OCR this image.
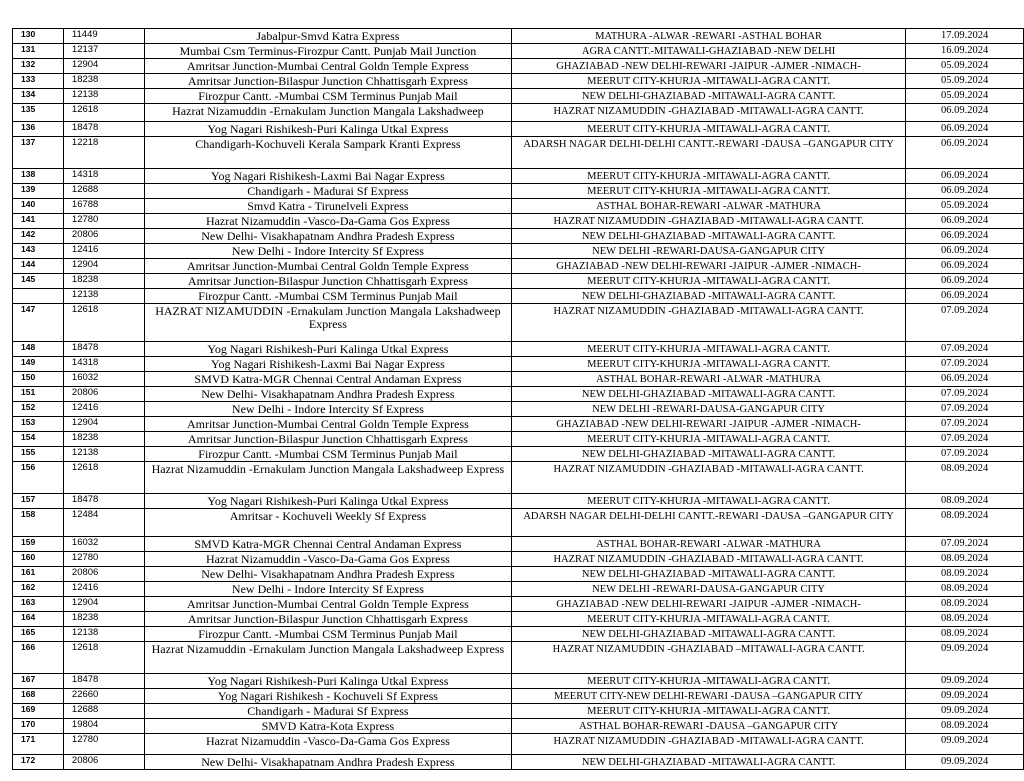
130	11449	Jabalpur-Smvd Katra Express	MATHURA -ALWAR -REWARI -ASTHAL BOHAR	17.09.2024
131	12137	Mumbai Csm Terminus-Firozpur Cantt. Punjab Mail Junction	AGRA CANTT.-MITAWALI-GHAZIABAD -NEW DELHI	16.09.2024
132	12904	Amritsar Junction-Mumbai Central Goldn Temple Express	GHAZIABAD -NEW DELHI-REWARI -JAIPUR -AJMER -NIMACH-	05.09.2024
133	18238	Amritsar Junction-Bilaspur Junction Chhattisgarh Express	MEERUT CITY-KHURJA -MITAWALI-AGRA CANTT.	05.09.2024
134	12138	Firozpur Cantt. -Mumbai CSM Terminus Punjab Mail	NEW DELHI-GHAZIABAD -MITAWALI-AGRA CANTT.	05.09.2024
135	12618	Hazrat Nizamuddin -Ernakulam Junction Mangala Lakshadweep	HAZRAT NIZAMUDDIN -GHAZIABAD -MITAWALI-AGRA CANTT.	06.09.2024
136	18478	Yog Nagari Rishikesh-Puri Kalinga Utkal Express	MEERUT CITY-KHURJA -MITAWALI-AGRA CANTT.	06.09.2024
137	12218	Chandigarh-Kochuveli Kerala Sampark Kranti Express	ADARSH NAGAR DELHI-DELHI CANTT.-REWARI -DAUSA –GANGAPUR CITY	06.09.2024
138	14318	Yog Nagari Rishikesh-Laxmi Bai Nagar Express	MEERUT CITY-KHURJA -MITAWALI-AGRA CANTT.	06.09.2024
139	12688	Chandigarh - Madurai Sf Express	MEERUT CITY-KHURJA -MITAWALI-AGRA CANTT.	06.09.2024
140	16788	Smvd Katra - Tirunelveli Express	ASTHAL BOHAR-REWARI -ALWAR -MATHURA	05.09.2024
141	12780	Hazrat Nizamuddin -Vasco-Da-Gama Gos Express	HAZRAT NIZAMUDDIN -GHAZIABAD -MITAWALI-AGRA CANTT.	06.09.2024
142	20806	New Delhi- Visakhapatnam Andhra Pradesh Express	NEW DELHI-GHAZIABAD -MITAWALI-AGRA CANTT.	06.09.2024
143	12416	New Delhi - Indore Intercity Sf Express	NEW DELHI -REWARI-DAUSA-GANGAPUR CITY	06.09.2024
144	12904	Amritsar Junction-Mumbai Central Goldn Temple Express	GHAZIABAD -NEW DELHI-REWARI -JAIPUR -AJMER -NIMACH-	06.09.2024
145	18238	Amritsar Junction-Bilaspur Junction Chhattisgarh Express	MEERUT CITY-KHURJA -MITAWALI-AGRA CANTT.	06.09.2024
	12138	Firozpur Cantt. -Mumbai CSM Terminus Punjab Mail	NEW DELHI-GHAZIABAD -MITAWALI-AGRA CANTT.	06.09.2024
147	12618	HAZRAT NIZAMUDDIN -Ernakulam Junction Mangala Lakshadweep Express	HAZRAT NIZAMUDDIN -GHAZIABAD -MITAWALI-AGRA CANTT.	07.09.2024
148	18478	Yog Nagari Rishikesh-Puri Kalinga Utkal Express	MEERUT CITY-KHURJA -MITAWALI-AGRA CANTT.	07.09.2024
149	14318	Yog Nagari Rishikesh-Laxmi Bai Nagar Express	MEERUT CITY-KHURJA -MITAWALI-AGRA CANTT.	07.09.2024
150	16032	SMVD Katra-MGR Chennai Central Andaman Express	ASTHAL BOHAR-REWARI -ALWAR -MATHURA	06.09.2024
151	20806	New Delhi- Visakhapatnam Andhra Pradesh Express	NEW DELHI-GHAZIABAD -MITAWALI-AGRA CANTT.	07.09.2024
152	12416	New Delhi - Indore Intercity Sf Express	NEW DELHI -REWARI-DAUSA-GANGAPUR CITY	07.09.2024
153	12904	Amritsar Junction-Mumbai Central Goldn Temple Express	GHAZIABAD -NEW DELHI-REWARI -JAIPUR -AJMER -NIMACH-	07.09.2024
154	18238	Amritsar Junction-Bilaspur Junction Chhattisgarh Express	MEERUT CITY-KHURJA -MITAWALI-AGRA CANTT.	07.09.2024
155	12138	Firozpur Cantt. -Mumbai CSM Terminus Punjab Mail	NEW DELHI-GHAZIABAD -MITAWALI-AGRA CANTT.	07.09.2024
156	12618	Hazrat Nizamuddin -Ernakulam Junction Mangala Lakshadweep Express	HAZRAT NIZAMUDDIN -GHAZIABAD -MITAWALI-AGRA CANTT.	08.09.2024
157	18478	Yog Nagari Rishikesh-Puri Kalinga Utkal Express	MEERUT CITY-KHURJA -MITAWALI-AGRA CANTT.	08.09.2024
158	12484	Amritsar - Kochuveli Weekly Sf Express	ADARSH NAGAR DELHI-DELHI CANTT.-REWARI -DAUSA –GANGAPUR CITY	08.09.2024
159	16032	SMVD Katra-MGR Chennai Central Andaman Express	ASTHAL BOHAR-REWARI -ALWAR -MATHURA	07.09.2024
160	12780	Hazrat Nizamuddin -Vasco-Da-Gama Gos Express	HAZRAT NIZAMUDDIN -GHAZIABAD -MITAWALI-AGRA CANTT.	08.09.2024
161	20806	New Delhi- Visakhapatnam Andhra Pradesh Express	NEW DELHI-GHAZIABAD -MITAWALI-AGRA CANTT.	08.09.2024
162	12416	New Delhi - Indore Intercity Sf Express	NEW DELHI -REWARI-DAUSA-GANGAPUR CITY	08.09.2024
163	12904	Amritsar Junction-Mumbai Central Goldn Temple Express	GHAZIABAD -NEW DELHI-REWARI -JAIPUR -AJMER -NIMACH-	08.09.2024
164	18238	Amritsar Junction-Bilaspur Junction Chhattisgarh Express	MEERUT CITY-KHURJA -MITAWALI-AGRA CANTT.	08.09.2024
165	12138	Firozpur Cantt. -Mumbai CSM Terminus Punjab Mail	NEW DELHI-GHAZIABAD -MITAWALI-AGRA CANTT.	08.09.2024
166	12618	Hazrat Nizamuddin -Ernakulam Junction Mangala Lakshadweep Express	HAZRAT NIZAMUDDIN -GHAZIABAD –MITAWALI-AGRA CANTT.	09.09.2024
167	18478	Yog Nagari Rishikesh-Puri Kalinga Utkal Express	MEERUT CITY-KHURJA -MITAWALI-AGRA CANTT.	09.09.2024
168	22660	Yog Nagari Rishikesh - Kochuveli Sf Express	MEERUT CITY-NEW DELHI-REWARI -DAUSA –GANGAPUR CITY	09.09.2024
169	12688	Chandigarh - Madurai Sf Express	MEERUT CITY-KHURJA -MITAWALI-AGRA CANTT.	09.09.2024
170	19804	SMVD Katra-Kota Express	ASTHAL BOHAR-REWARI -DAUSA –GANGAPUR CITY	08.09.2024
171	12780	Hazrat Nizamuddin -Vasco-Da-Gama Gos Express	HAZRAT NIZAMUDDIN -GHAZIABAD -MITAWALI-AGRA CANTT.	09.09.2024
172	20806	New Delhi- Visakhapatnam Andhra Pradesh Express	NEW DELHI-GHAZIABAD -MITAWALI-AGRA CANTT.	09.09.2024
